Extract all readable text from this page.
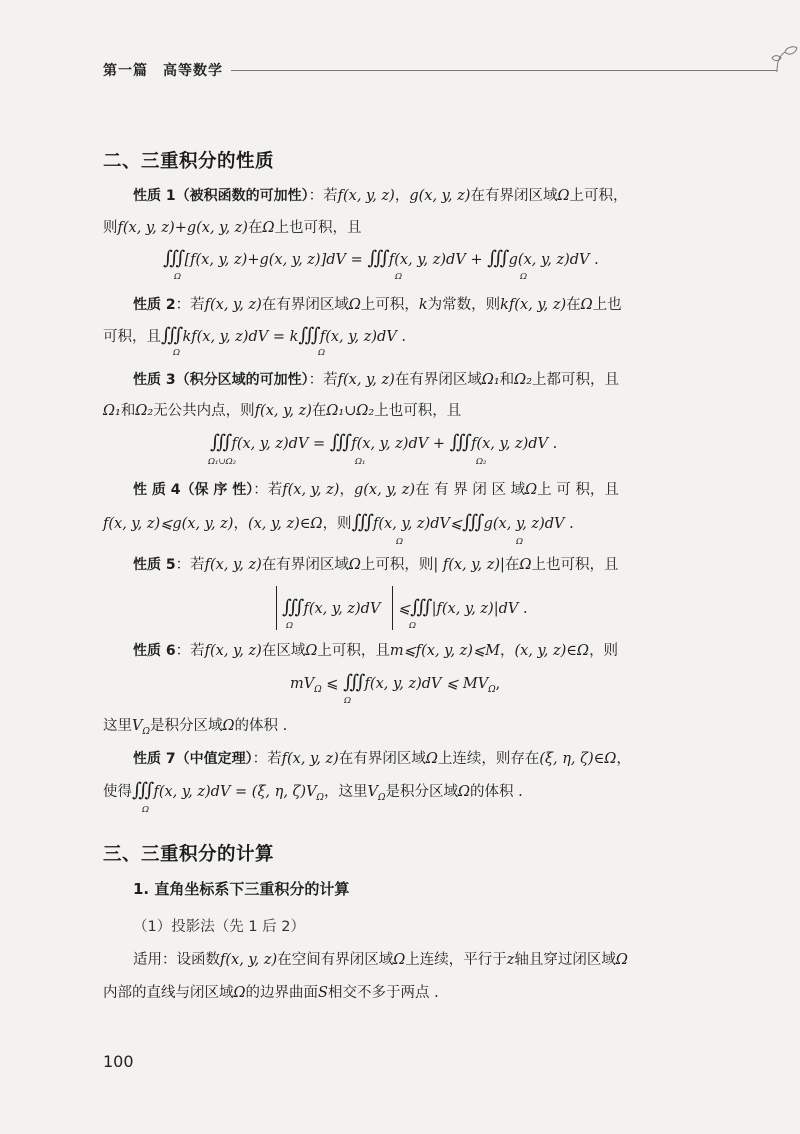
第一篇　高等数学
二、三重积分的性质
性质 1（被积函数的可加性）：若f(x, y, z)，g(x, y, z)在有界闭区域Ω上可积，
则f(x, y, z)+g(x, y, z)在Ω上也可积，且
∭ [f(x, y, z)+g(x, y, z)]dV = ∭ f(x, y, z)dV + ∭ g(x, y, z)dV .
Ω	Ω	Ω
性质 2：若f(x, y, z)在有界闭区域Ω上可积，k为常数，则kf(x, y, z)在Ω上也
可积，且∭ kf(x, y, z)dV = k∭ f(x, y, z)dV .
Ω	Ω
性质 3（积分区域的可加性）：若f(x, y, z)在有界闭区域Ω₁和Ω₂上都可积，且
Ω₁和Ω₂无公共内点，则f(x, y, z)在Ω₁∪Ω₂上也可积，且
∭ f(x, y, z)dV = ∭ f(x, y, z)dV + ∭ f(x, y, z)dV .
Ω₁∪Ω₂	Ω₁	Ω₂
性 质 4（保 序 性）：若f(x, y, z)，g(x, y, z)在 有 界 闭 区 域Ω上 可 积，且
f(x, y, z)⩽g(x, y, z)，(x, y, z)∈Ω，则∭ f(x, y, z)dV⩽∭ g(x, y, z)dV .
Ω	Ω
性质 5：若f(x, y, z)在有界闭区域Ω上可积，则| f(x, y, z)|在Ω上也可积，且
∭ f(x, y, z)dV ⩽∭ |f(x, y, z)|dV .
Ω	Ω
性质 6：若f(x, y, z)在区域Ω上可积，且m⩽f(x, y, z)⩽M，(x, y, z)∈Ω，则
$mV_\Omega$ ⩽ ∭ f(x, y, z)dV ⩽ $MV_\Omega$,
Ω
这里$V_\Omega$是积分区域Ω的体积 .
性质 7（中值定理）：若f(x, y, z)在有界闭区域Ω上连续，则存在(ξ, η, ζ)∈Ω，
使得∭ f(x, y, z)dV = (ξ, η, $\zeta)V_\Omega$，这里$V_\Omega$是积分区域Ω的体积 .
Ω
三、三重积分的计算
1. 直角坐标系下三重积分的计算
（1）投影法（先 1 后 2）
适用：设函数f(x, y, z)在空间有界闭区域Ω上连续，平行于z轴且穿过闭区域Ω
内部的直线与闭区域Ω的边界曲面S相交不多于两点 .
100
